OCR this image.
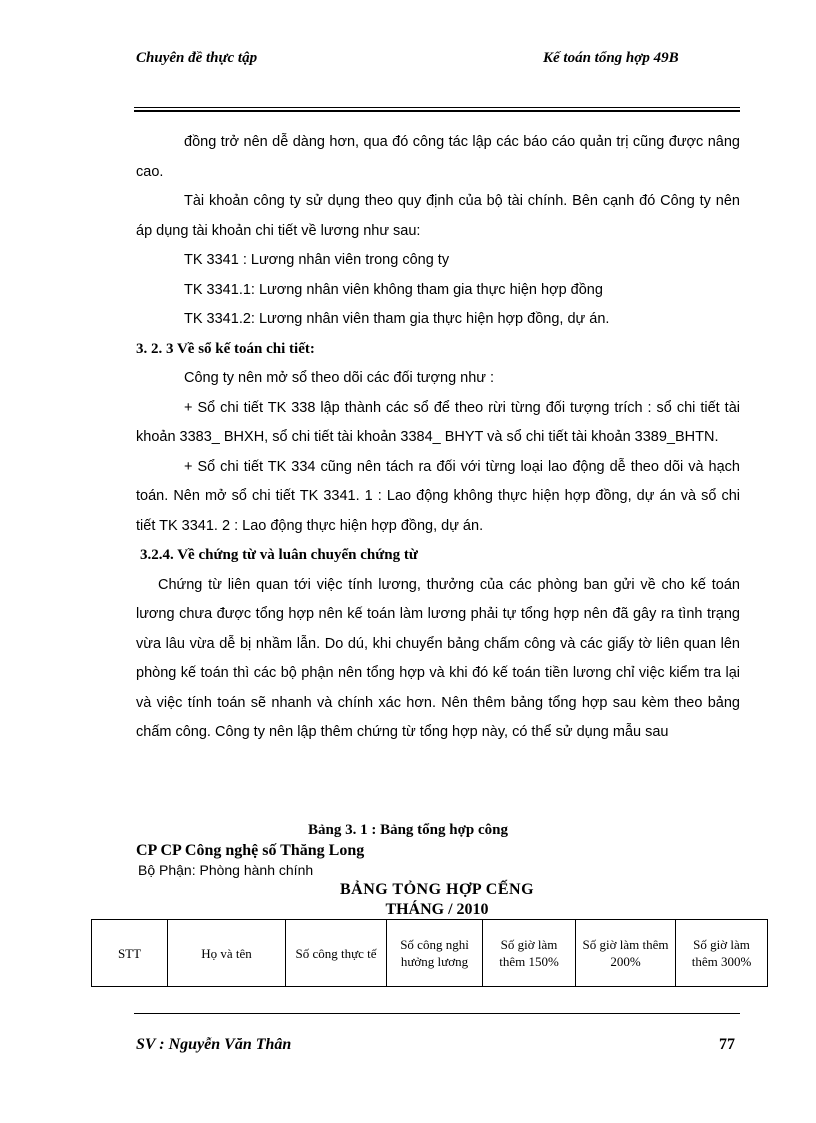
Chuyên đề thực tập	Kế toán tổng hợp 49B

đồng trở nên dễ dàng hơn, qua đó công tác lập các báo cáo quản trị cũng được nâng cao.

Tài khoản công ty sử dụng theo quy định của bộ tài chính. Bên cạnh đó Công ty nên áp dụng tài khoản chi tiết về lương như sau:

TK 3341 : Lương nhân viên trong công ty

TK 3341.1: Lương nhân viên không tham gia thực hiện hợp đồng

TK 3341.2: Lương nhân viên tham gia thực hiện hợp đồng, dự án.

3. 2. 3 Về sổ kế toán chi tiết:

Công ty nên mở sổ theo dõi các đối tượng như :

+ Sổ chi tiết TK 338 lập thành các sổ để theo rừi từng đối tượng trích : sổ chi tiết tài khoản 3383_ BHXH, sổ chi tiết tài khoản 3384_ BHYT và sổ chi tiết tài khoản 3389_BHTN.

+ Sổ chi tiết TK 334 cũng nên tách ra đối với từng loại lao động dễ theo dõi và hạch toán. Nên mở sổ chi tiết TK 3341. 1 : Lao động không thực hiện hợp đồng, dự án và sổ chi tiết TK 3341. 2 : Lao động thực hiện hợp đồng, dự án.

3.2.4. Về chứng từ và luân chuyển chứng từ

Chứng từ liên quan tới việc tính lương, thưởng của các phòng ban gửi về cho kế toán lương chưa được tổng hợp nên kế toán làm lương phải tự tổng hợp nên đã gây ra tình trạng vừa lâu vừa dễ bị nhầm lẫn. Do dú, khi chuyển bảng chấm công và các giấy tờ liên quan lên phòng kế toán thì các bộ phận nên tổng hợp và khi đó kế toán tiền lương chỉ việc kiểm tra lại và việc tính toán sẽ nhanh và chính xác hơn. Nên thêm bảng tổng hợp sau kèm theo bảng chấm công. Công ty nên lập thêm chứng từ tổng hợp này, có thể sử dụng mẫu sau

Bảng 3. 1 : Bảng tổng hợp công
CP CP Công nghệ số Thăng Long
Bộ Phận: Phòng hành chính
BẢNG TỎNG HỢP CẾNG
THÁNG / 2010
STT	Họ và tên	Số công thực tế	Số công nghỉ hưởng lương	Số giờ làm thêm 150%	Số giờ làm thêm 200%	Số giờ làm thêm 300%
SV : Nguyễn Văn Thân	77
